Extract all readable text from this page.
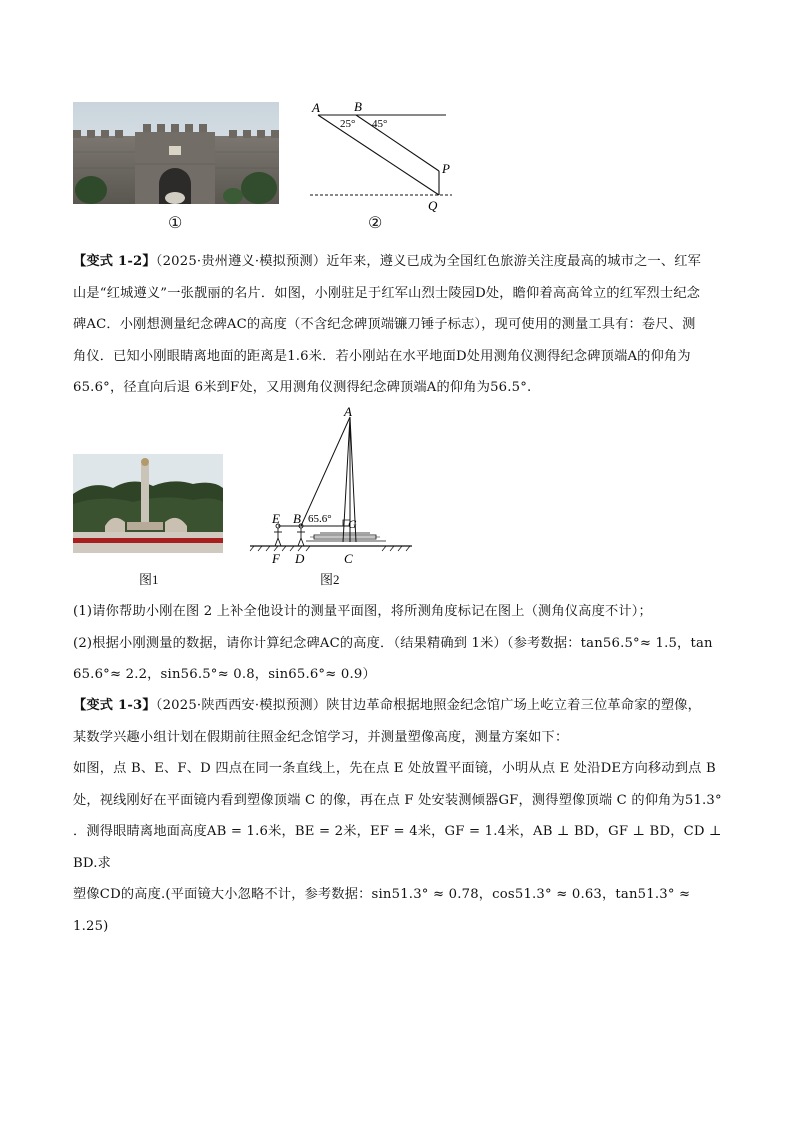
①
A	B
25° 45°
P
Q
②

【变式 1-2】（2025·贵州遵义·模拟预测）近年来，遵义已成为全国红色旅游关注度最高的城市之一、红军

山是“红城遵义”一张靓丽的名片．如图，小刚驻足于红军山烈士陵园D处，瞻仰着高高耸立的红军烈士纪念

碑AC．小刚想测量纪念碑AC的高度（不含纪念碑顶端镰刀锤子标志），现可使用的测量工具有：卷尺、测

角仪．已知小刚眼睛离地面的距离是1.6米．若小刚站在水平地面D处用测角仪测得纪念碑顶端A的仰角为

65.6°，径直向后退 6米到F处，又用测角仪测得纪念碑顶端A的仰角为56.5°.

图1
A
E B 65.6° G
F D	C
图2

(1)请你帮助小刚在图 2 上补全他设计的测量平面图，将所测角度标记在图上（测角仪高度不计）；

(2)根据小刚测量的数据，请你计算纪念碑AC的高度．（结果精确到 1米）（参考数据：tan56.5°≈ 1.5，tan

65.6°≈ 2.2，sin56.5°≈ 0.8，sin65.6°≈ 0.9）

【变式 1-3】（2025·陕西西安·模拟预测）陕甘边革命根据地照金纪念馆广场上屹立着三位革命家的塑像，

某数学兴趣小组计划在假期前往照金纪念馆学习，并测量塑像高度，测量方案如下：

如图，点 B、E、F、D 四点在同一条直线上，先在点 E 处放置平面镜，小明从点 E 处沿DE方向移动到点 B

处，视线刚好在平面镜内看到塑像顶端 C 的像，再在点 F 处安装测倾器GF，测得塑像顶端 C 的仰角为51.3°

．测得眼睛离地面高度AB = 1.6米，BE = 2米，EF = 4米，GF = 1.4米，AB ⊥ BD，GF ⊥ BD，CD ⊥ BD.求

塑像CD的高度.(平面镜大小忽略不计，参考数据：sin51.3° ≈ 0.78，cos51.3° ≈ 0.63，tan51.3° ≈ 1.25)
